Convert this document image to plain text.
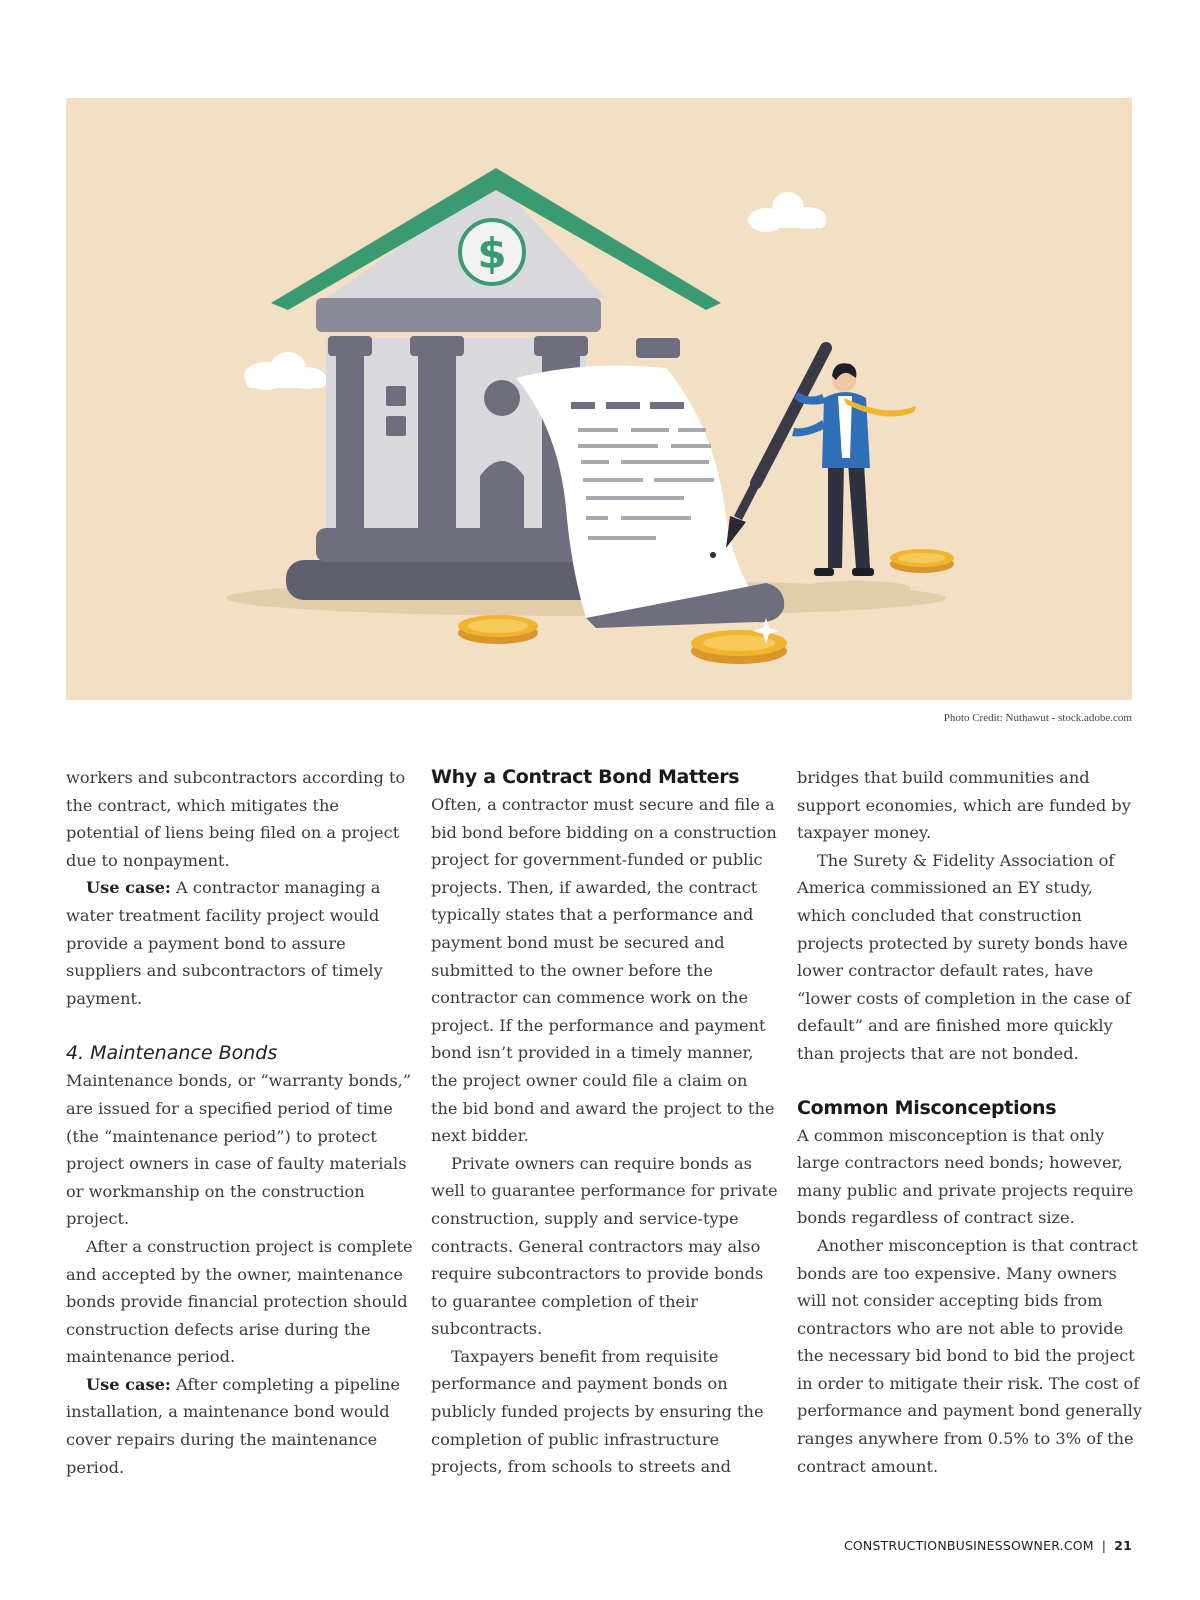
$
Photo Credit: Nuthawut - stock.adobe.com

workers and subcontractors according to the contract, which mitigates the potential of liens being filed on a project due to nonpayment.

Use case: A contractor managing a water treatment facility project would provide a payment bond to assure suppliers and subcontractors of timely payment.

4. Maintenance Bonds

Maintenance bonds, or “warranty bonds,” are issued for a specified period of time (the “maintenance period”) to protect project owners in case of faulty materials or workmanship on the construction project.

After a construction project is complete and accepted by the owner, maintenance bonds provide financial protection should construction defects arise during the maintenance period.

Use case: After completing a pipeline installation, a maintenance bond would cover repairs during the maintenance period.

Why a Contract Bond Matters

Often, a contractor must secure and file a bid bond before bidding on a construction project for government-funded or public projects. Then, if awarded, the contract typically states that a performance and payment bond must be secured and submitted to the owner before the contractor can commence work on the project. If the performance and payment bond isn’t provided in a timely manner, the project owner could file a claim on the bid bond and award the project to the next bidder.

Private owners can require bonds as well to guarantee performance for private construction, supply and service-type contracts. General contractors may also require subcontractors to provide bonds to guarantee completion of their subcontracts.

Taxpayers benefit from requisite performance and payment bonds on publicly funded projects by ensuring the completion of public infrastructure projects, from schools to streets and

bridges that build communities and support economies, which are funded by taxpayer money.

The Surety & Fidelity Association of America commissioned an EY study, which concluded that construction projects protected by surety bonds have lower contractor default rates, have “lower costs of completion in the case of default” and are finished more quickly than projects that are not bonded.

Common Misconceptions

A common misconception is that only large contractors need bonds; however, many public and private projects require bonds regardless of contract size.

Another misconception is that contract bonds are too expensive. Many owners will not consider accepting bids from contractors who are not able to provide the necessary bid bond to bid the project in order to mitigate their risk. The cost of performance and payment bond generally ranges anywhere from 0.5% to 3% of the contract amount.

CONSTRUCTIONBUSINESSOWNER.COM | 21
